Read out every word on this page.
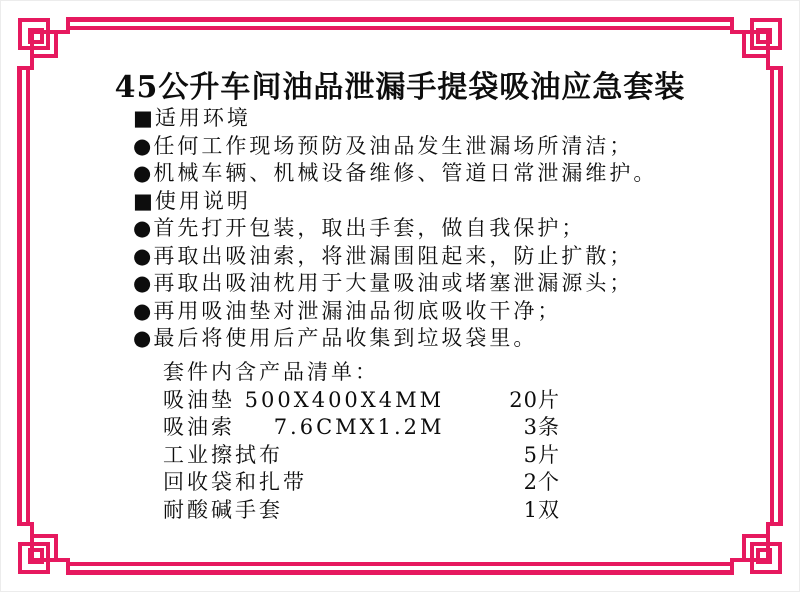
45公升车间油品泄漏手提袋吸油应急套装
■适用环境
●任何工作现场预防及油品发生泄漏场所清洁；
●机械车辆、机械设备维修、管道日常泄漏维护。
■使用说明
●首先打开包装，取出手套，做自我保护；
●再取出吸油索，将泄漏围阻起来，防止扩散；
●再取出吸油枕用于大量吸油或堵塞泄漏源头；
●再用吸油垫对泄漏油品彻底吸收干净；
●最后将使用后产品收集到垃圾袋里。
套件内含产品清单：
吸油垫 500X400X4MM	20片
吸油索    7.6CMX1.2M	3条
工业擦拭布	5片
回收袋和扎带	2个
耐酸碱手套	1双
